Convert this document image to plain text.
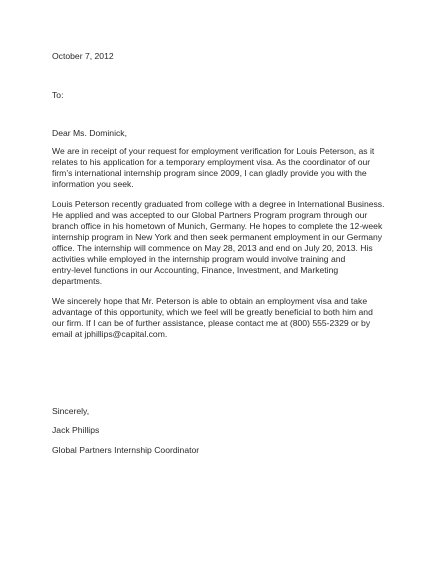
October 7, 2012
To:
Dear Ms. Dominick,
We are in receipt of your request for employment verification for Louis Peterson, as it
relates to his application for a temporary employment visa. As the coordinator of our
firm’s international internship program since 2009, I can gladly provide you with the
information you seek.
Louis Peterson recently graduated from college with a degree in International Business.
He applied and was accepted to our Global Partners Program program through our
branch office in his hometown of Munich, Germany. He hopes to complete the 12-week
internship program in New York and then seek permanent employment in our Germany
office. The internship will commence on May 28, 2013 and end on July 20, 2013. His
activities while employed in the internship program would involve training and
entry-level functions in our Accounting, Finance, Investment, and Marketing
departments.
We sincerely hope that Mr. Peterson is able to obtain an employment visa and take
advantage of this opportunity, which we feel will be greatly beneficial to both him and
our firm. If I can be of further assistance, please contact me at (800) 555-2329 or by
email at jphillips@capital.com.
Sincerely,
Jack Phillips
Global Partners Internship Coordinator
